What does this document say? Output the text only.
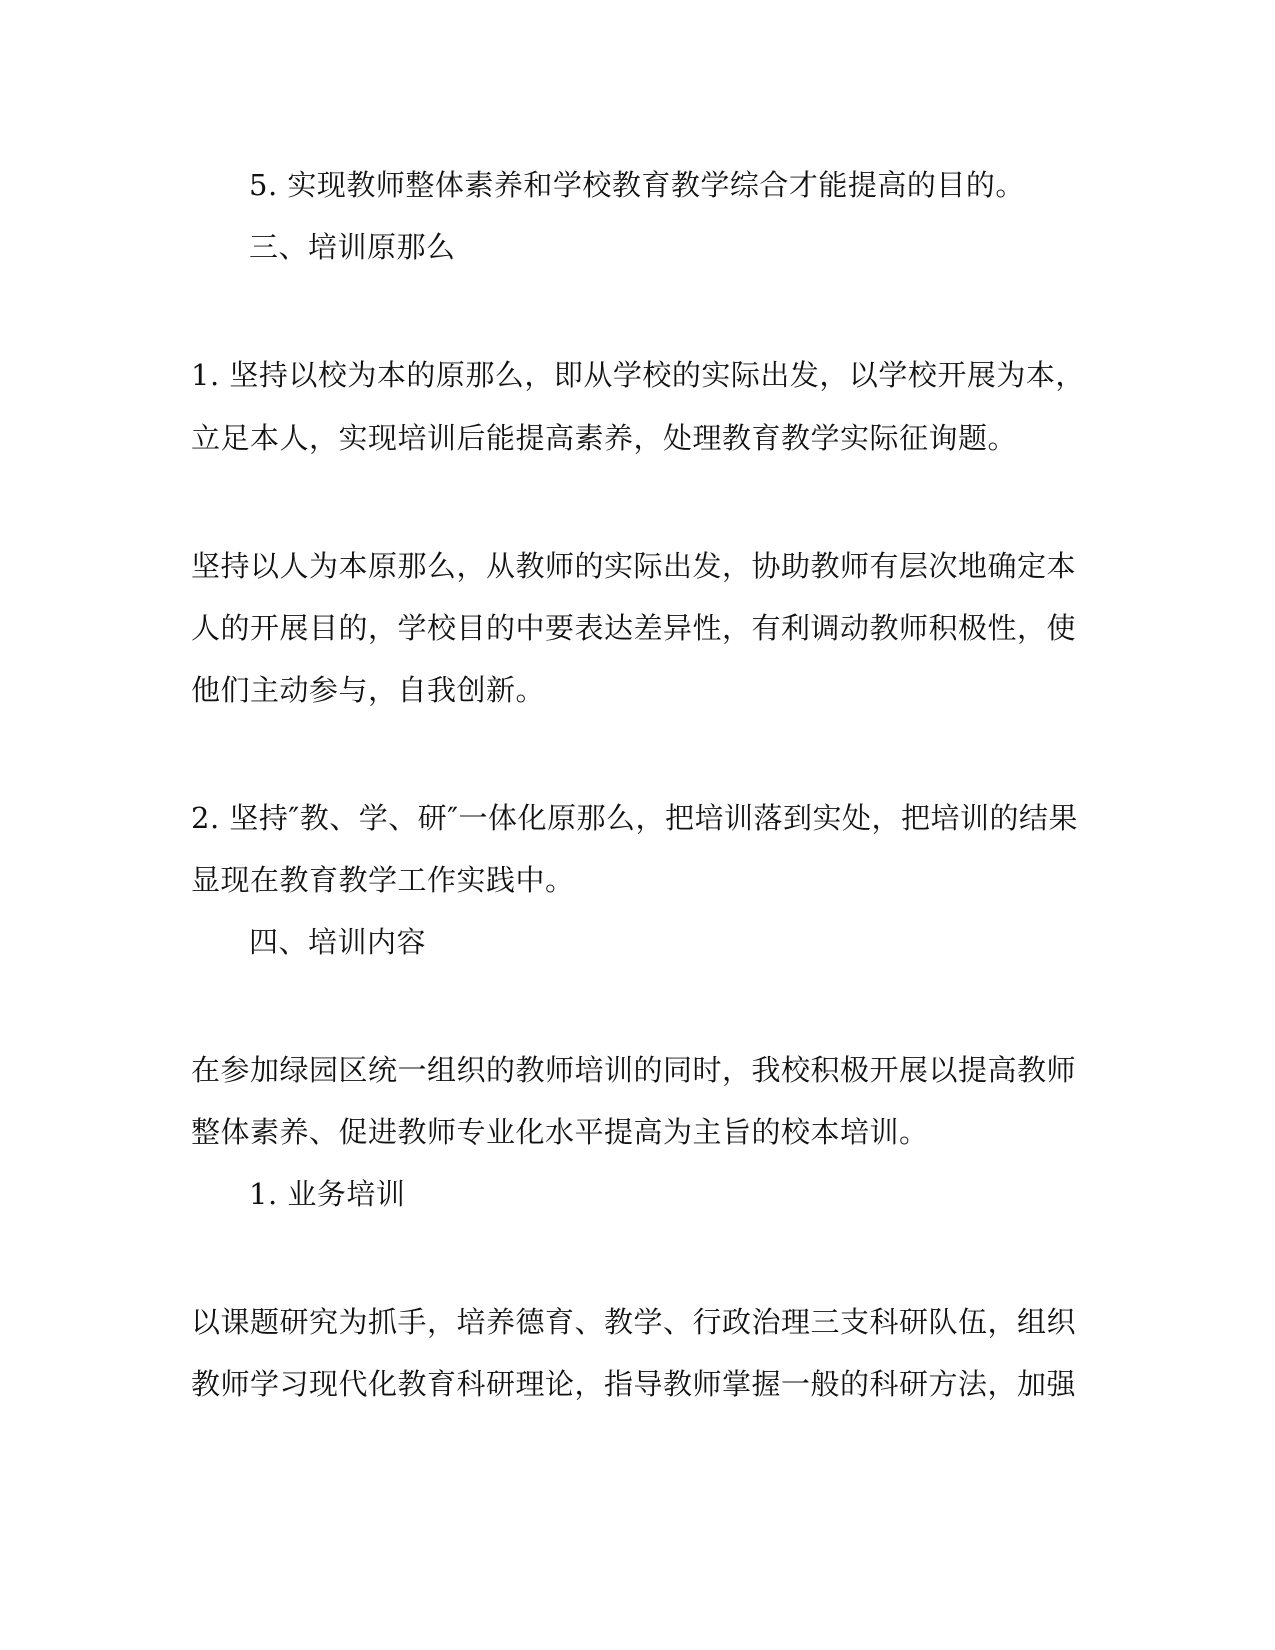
5. 实现教师整体素养和学校教育教学综合才能提高的目的。
三、培训原那么
1. 坚持以校为本的原那么，即从学校的实际出发，以学校开展为本，
立足本人，实现培训后能提高素养，处理教育教学实际征询题。
坚持以人为本原那么，从教师的实际出发，协助教师有层次地确定本
人的开展目的，学校目的中要表达差异性，有利调动教师积极性，使
他们主动参与，自我创新。
2. 坚持″教、学、研″一体化原那么，把培训落到实处，把培训的结果
显现在教育教学工作实践中。
四、培训内容
在参加绿园区统一组织的教师培训的同时，我校积极开展以提高教师
整体素养、促进教师专业化水平提高为主旨的校本培训。
1. 业务培训
以课题研究为抓手，培养德育、教学、行政治理三支科研队伍，组织
教师学习现代化教育科研理论，指导教师掌握一般的科研方法，加强
